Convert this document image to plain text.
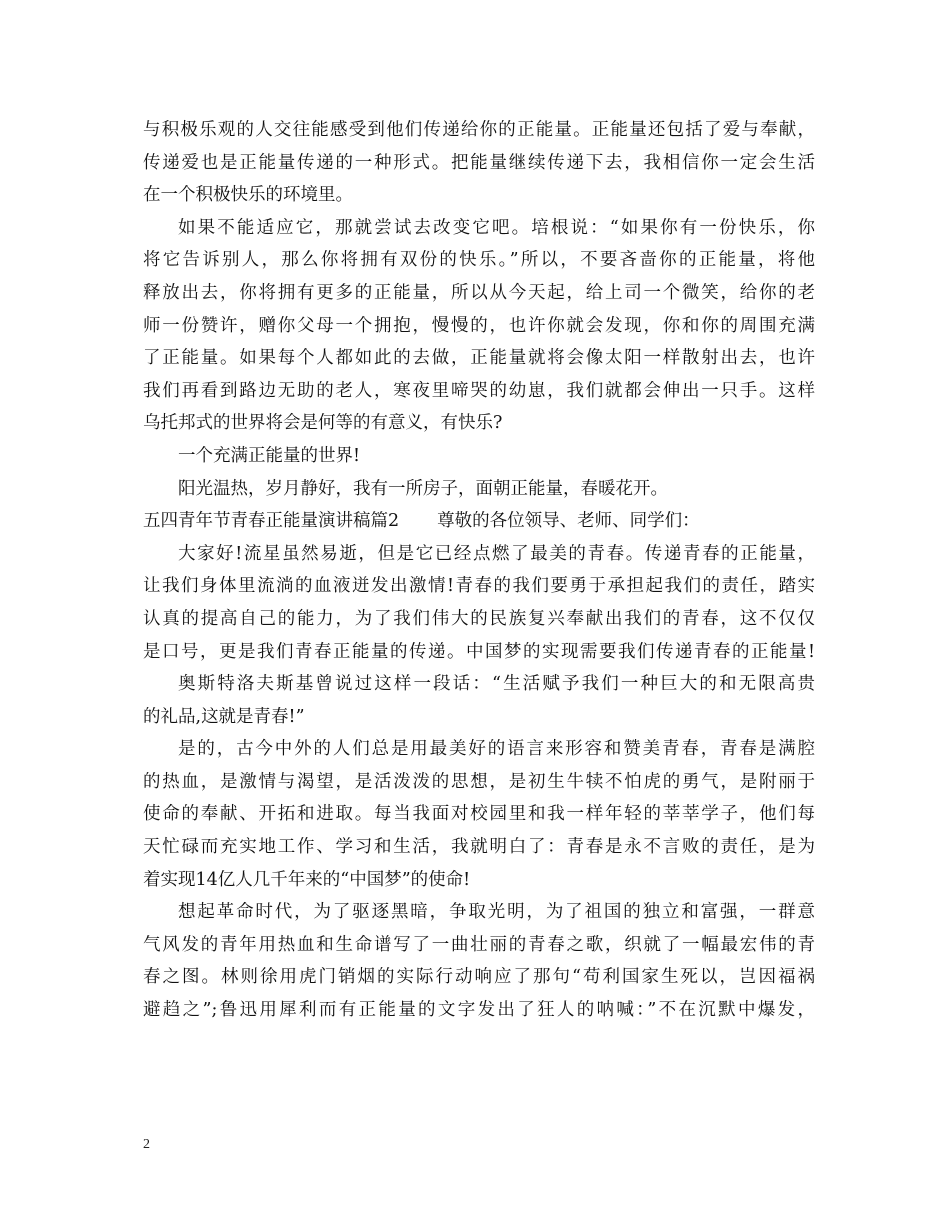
与积极乐观的人交往能感受到他们传递给你的正能量。正能量还包括了爱与奉献，
传递爱也是正能量传递的一种形式。把能量继续传递下去，我相信你一定会生活
在一个积极快乐的环境里。
如果不能适应它，那就尝试去改变它吧。培根说：“如果你有一份快乐，你
将它告诉别人，那么你将拥有双份的快乐。”所以，不要吝啬你的正能量，将他
释放出去，你将拥有更多的正能量，所以从今天起，给上司一个微笑，给你的老
师一份赞许，赠你父母一个拥抱，慢慢的，也许你就会发现，你和你的周围充满
了正能量。如果每个人都如此的去做，正能量就将会像太阳一样散射出去，也许
我们再看到路边无助的老人，寒夜里啼哭的幼崽，我们就都会伸出一只手。这样
乌托邦式的世界将会是何等的有意义，有快乐?
一个充满正能量的世界!
阳光温热，岁月静好，我有一所房子，面朝正能量，春暖花开。
五四青年节青春正能量演讲稿篇2 尊敬的各位领导、老师、同学们：
大家好!流星虽然易逝，但是它已经点燃了最美的青春。传递青春的正能量，
让我们身体里流淌的血液迸发出激情!青春的我们要勇于承担起我们的责任，踏实
认真的提高自己的能力，为了我们伟大的民族复兴奉献出我们的青春，这不仅仅
是口号，更是我们青春正能量的传递。中国梦的实现需要我们传递青春的正能量!
奥斯特洛夫斯基曾说过这样一段话：“生活赋予我们一种巨大的和无限高贵
的礼品,这就是青春!”
是的，古今中外的人们总是用最美好的语言来形容和赞美青春，青春是满腔
的热血，是激情与渴望，是活泼泼的思想，是初生牛犊不怕虎的勇气，是附丽于
使命的奉献、开拓和进取。每当我面对校园里和我一样年轻的莘莘学子，他们每
天忙碌而充实地工作、学习和生活，我就明白了：青春是永不言败的责任，是为
着实现14亿人几千年来的“中国梦”的使命!
想起革命时代，为了驱逐黑暗，争取光明，为了祖国的独立和富强，一群意
气风发的青年用热血和生命谱写了一曲壮丽的青春之歌，织就了一幅最宏伟的青
春之图。林则徐用虎门销烟的实际行动响应了那句“苟利国家生死以，岂因福祸
避趋之”;鲁迅用犀利而有正能量的文字发出了狂人的呐喊：”不在沉默中爆发，
2
